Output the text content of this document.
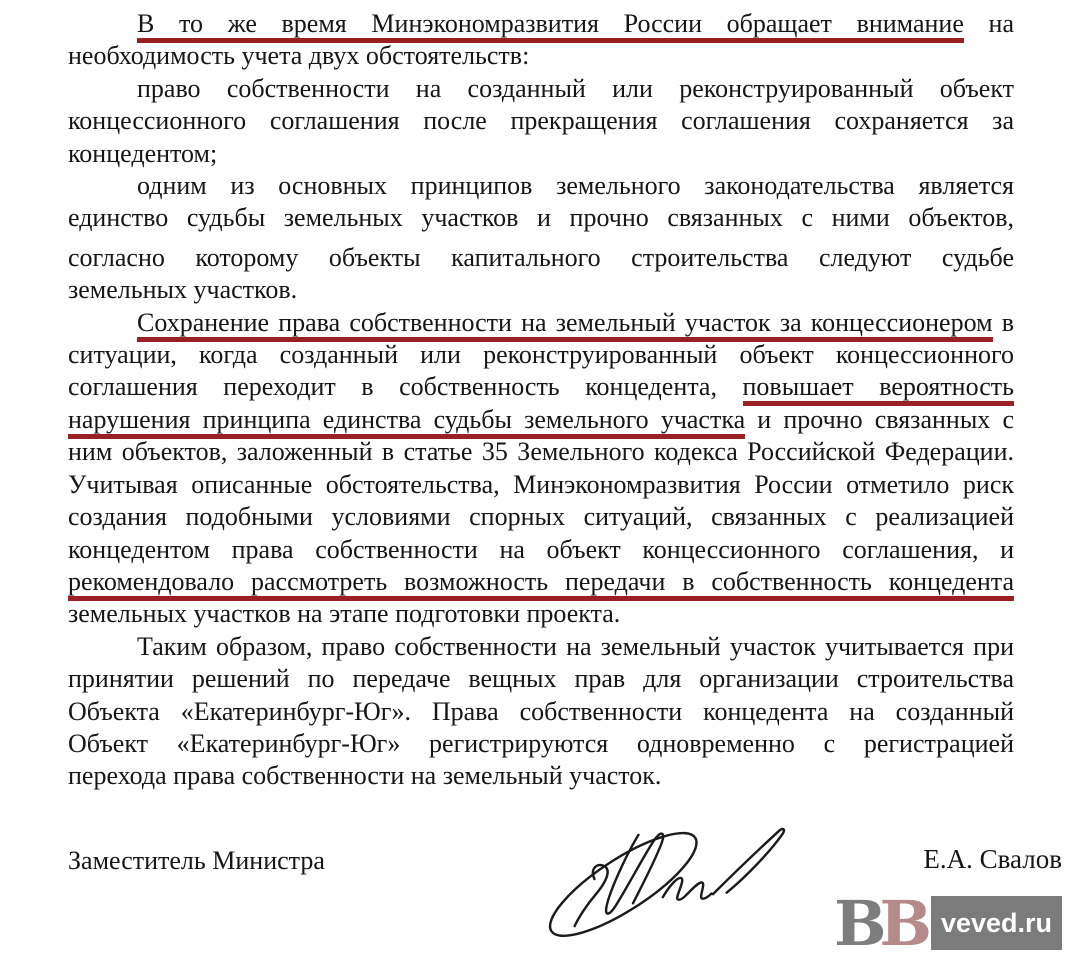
В то же время Минэкономразвития России обращает внимание на
необходимость учета двух обстоятельств:
право собственности на созданный или реконструированный объект
концессионного соглашения после прекращения соглашения сохраняется за
концедентом;
одним из основных принципов земельного законодательства является
единство судьбы земельных участков и прочно связанных с ними объектов,
согласно которому объекты капитального строительства следуют судьбе
земельных участков.
Сохранение права собственности на земельный участок за концессионером в
ситуации, когда созданный или реконструированный объект концессионного
соглашения переходит в собственность концедента, повышает вероятность
нарушения принципа единства судьбы земельного участка и прочно связанных с
ним объектов, заложенный в статье 35 Земельного кодекса Российской Федерации.
Учитывая описанные обстоятельства, Минэкономразвития России отметило риск
создания подобными условиями спорных ситуаций, связанных с реализацией
концедентом права собственности на объект концессионного соглашения, и
рекомендовало рассмотреть возможность передачи в собственность концедента
земельных участков на этапе подготовки проекта.
Таким образом, право собственности на земельный участок учитывается при
принятии решений по передаче вещных прав для организации строительства
Объекта «Екатеринбург-Юг». Права собственности концедента на созданный
Объект «Екатеринбург-Юг» регистрируются одновременно с регистрацией
перехода права собственности на земельный участок.
Заместитель Министра	Е.А. Свалов
BB veved.ru
